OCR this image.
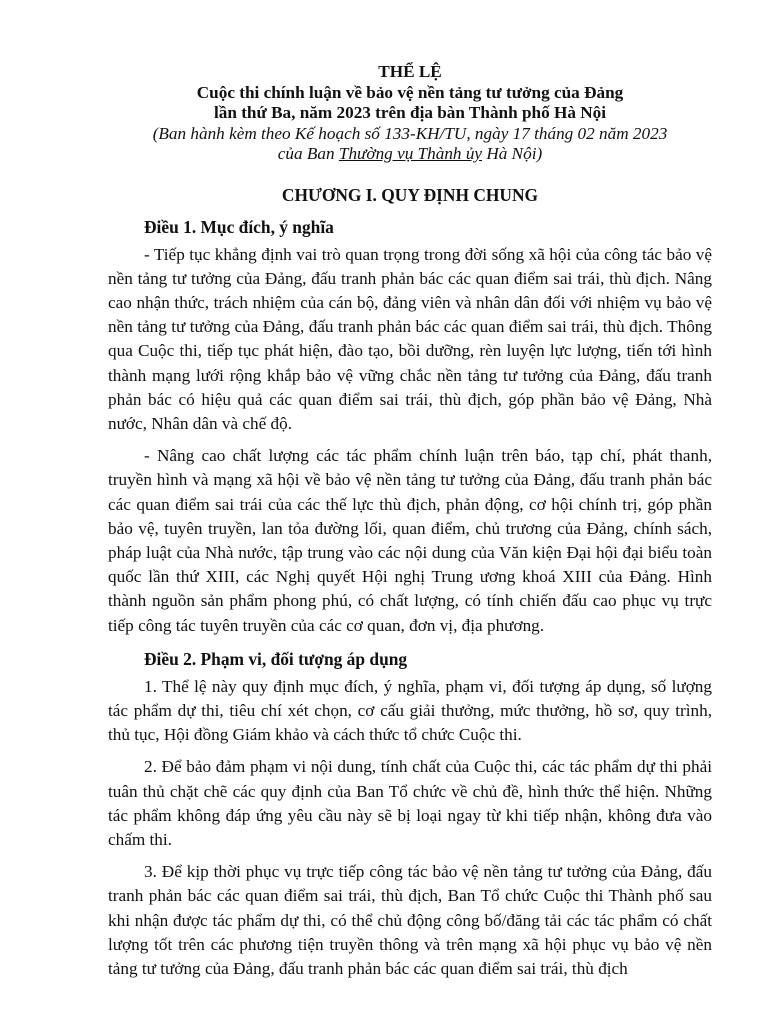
THỂ LỆ
Cuộc thi chính luận về bảo vệ nền tảng tư tưởng của Đảng
lần thứ Ba, năm 2023 trên địa bàn Thành phố Hà Nội
(Ban hành kèm theo Kế hoạch số 133-KH/TU, ngày 17 tháng 02 năm 2023
của Ban Thường vụ Thành ủy Hà Nội)
CHƯƠNG I. QUY ĐỊNH CHUNG
Điều 1. Mục đích, ý nghĩa

- Tiếp tục khẳng định vai trò quan trọng trong đời sống xã hội của công tác bảo vệ nền tảng tư tưởng của Đảng, đấu tranh phản bác các quan điểm sai trái, thù địch. Nâng cao nhận thức, trách nhiệm của cán bộ, đảng viên và nhân dân đối với nhiệm vụ bảo vệ nền tảng tư tưởng của Đảng, đấu tranh phản bác các quan điểm sai trái, thù địch. Thông qua Cuộc thi, tiếp tục phát hiện, đào tạo, bồi dưỡng, rèn luyện lực lượng, tiến tới hình thành mạng lưới rộng khắp bảo vệ vững chắc nền tảng tư tưởng của Đảng, đấu tranh phản bác có hiệu quả các quan điểm sai trái, thù địch, góp phần bảo vệ Đảng, Nhà nước, Nhân dân và chế độ.

- Nâng cao chất lượng các tác phẩm chính luận trên báo, tạp chí, phát thanh, truyền hình và mạng xã hội về bảo vệ nền tảng tư tưởng của Đảng, đấu tranh phản bác các quan điểm sai trái của các thế lực thù địch, phản động, cơ hội chính trị, góp phần bảo vệ, tuyên truyền, lan tỏa đường lối, quan điểm, chủ trương của Đảng, chính sách, pháp luật của Nhà nước, tập trung vào các nội dung của Văn kiện Đại hội đại biểu toàn quốc lần thứ XIII, các Nghị quyết Hội nghị Trung ương khoá XIII của Đảng. Hình thành nguồn sản phẩm phong phú, có chất lượng, có tính chiến đấu cao phục vụ trực tiếp công tác tuyên truyền của các cơ quan, đơn vị, địa phương.

Điều 2. Phạm vi, đối tượng áp dụng

1. Thể lệ này quy định mục đích, ý nghĩa, phạm vi, đối tượng áp dụng, số lượng tác phẩm dự thi, tiêu chí xét chọn, cơ cấu giải thưởng, mức thưởng, hồ sơ, quy trình, thủ tục, Hội đồng Giám khảo và cách thức tổ chức Cuộc thi.

2. Để bảo đảm phạm vi nội dung, tính chất của Cuộc thi, các tác phẩm dự thi phải tuân thủ chặt chẽ các quy định của Ban Tổ chức về chủ đề, hình thức thể hiện. Những tác phẩm không đáp ứng yêu cầu này sẽ bị loại ngay từ khi tiếp nhận, không đưa vào chấm thi.

3. Để kịp thời phục vụ trực tiếp công tác bảo vệ nền tảng tư tưởng của Đảng, đấu tranh phản bác các quan điểm sai trái, thù địch, Ban Tổ chức Cuộc thi Thành phố sau khi nhận được tác phẩm dự thi, có thể chủ động công bố/đăng tải các tác phẩm có chất lượng tốt trên các phương tiện truyền thông và trên mạng xã hội phục vụ bảo vệ nền tảng tư tưởng của Đảng, đấu tranh phản bác các quan điểm sai trái, thù địch
